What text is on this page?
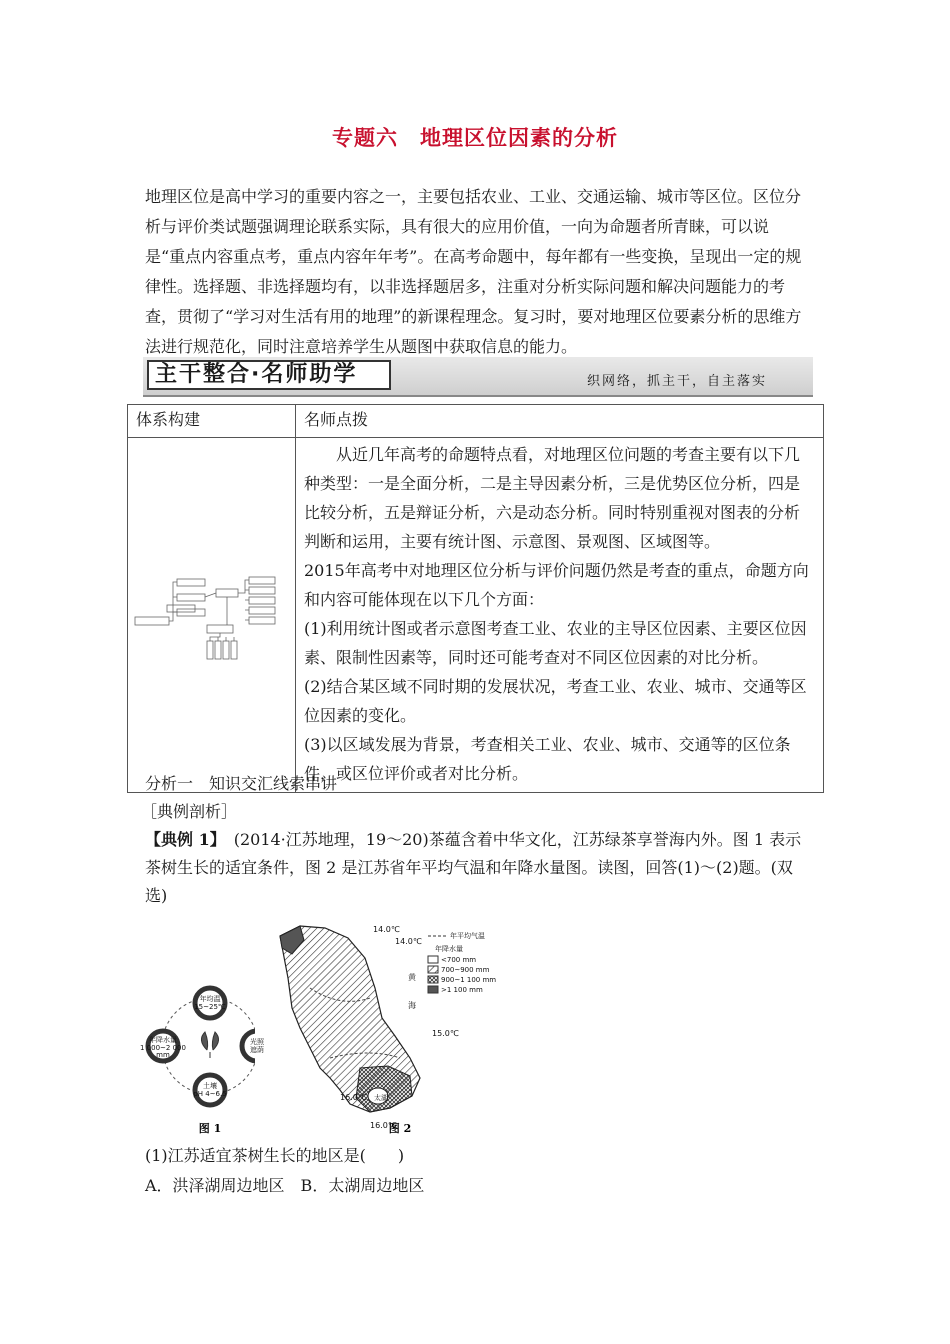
专题六　地理区位因素的分析
地理区位是高中学习的重要内容之一，主要包括农业、工业、交通运输、城市等区位。区位分析与评价类试题强调理论联系实际，具有很大的应用价值，一向为命题者所青睐，可以说是“重点内容重点考，重点内容年年考”。在高考命题中，每年都有一些变换，呈现出一定的规律性。选择题、非选择题均有，以非选择题居多，注重对分析实际问题和解决问题能力的考查，贯彻了“学习对生活有用的地理”的新课程理念。复习时，要对地理区位要素分析的思维方法进行规范化，同时注意培养学生从题图中获取信息的能力。
主干整合·名师助学	织网络，抓主干，自主落实
体系构建	名师点拨

从近几年高考的命题特点看，对地理区位问题的考查主要有以下几种类型：一是全面分析，二是主导因素分析，三是优势区位分析，四是比较分析，五是辩证分析，六是动态分析。同时特别重视对图表的分析判断和运用，主要有统计图、示意图、景观图、区域图等。
2015年高考中对地理区位分析与评价问题仍然是考查的重点，命题方向和内容可能体现在以下几个方面：
(1)利用统计图或者示意图考查工业、农业的主导区位因素、主要区位因素、限制性因素等，同时还可能考查对不同区位因素的对比分析。
(2)结合某区域不同时期的发展状况，考查工业、农业、城市、交通等区位因素的变化。
(3)以区域发展为背景，考查相关工业、农业、城市、交通等的区位条件，或区位评价或者对比分析。
分析一　知识交汇线索串讲
［典例剖析］
【典例 1】　(2014·江苏地理，19～20)茶蕴含着中华文化，江苏绿茶享誉海内外。图 1 表示茶树生长的适宜条件，图 2 是江苏省年平均气温和年降水量图。读图，回答(1)～(2)题。(双选)
年均温
15~25℃
土壤
pH 4~6.5
年降水量
1 000~2 000
mm
图 1
光照
遮荫
14.0℃
14.0℃
黄
海
15.0℃
太湖
16.0℃
16.0℃
年平均气温
年降水量
<700 mm
700~900 mm
900~1 100 mm
>1 100 mm
图 2
(1)江苏适宜茶树生长的地区是(　　)
A．洪泽湖周边地区　B．太湖周边地区
